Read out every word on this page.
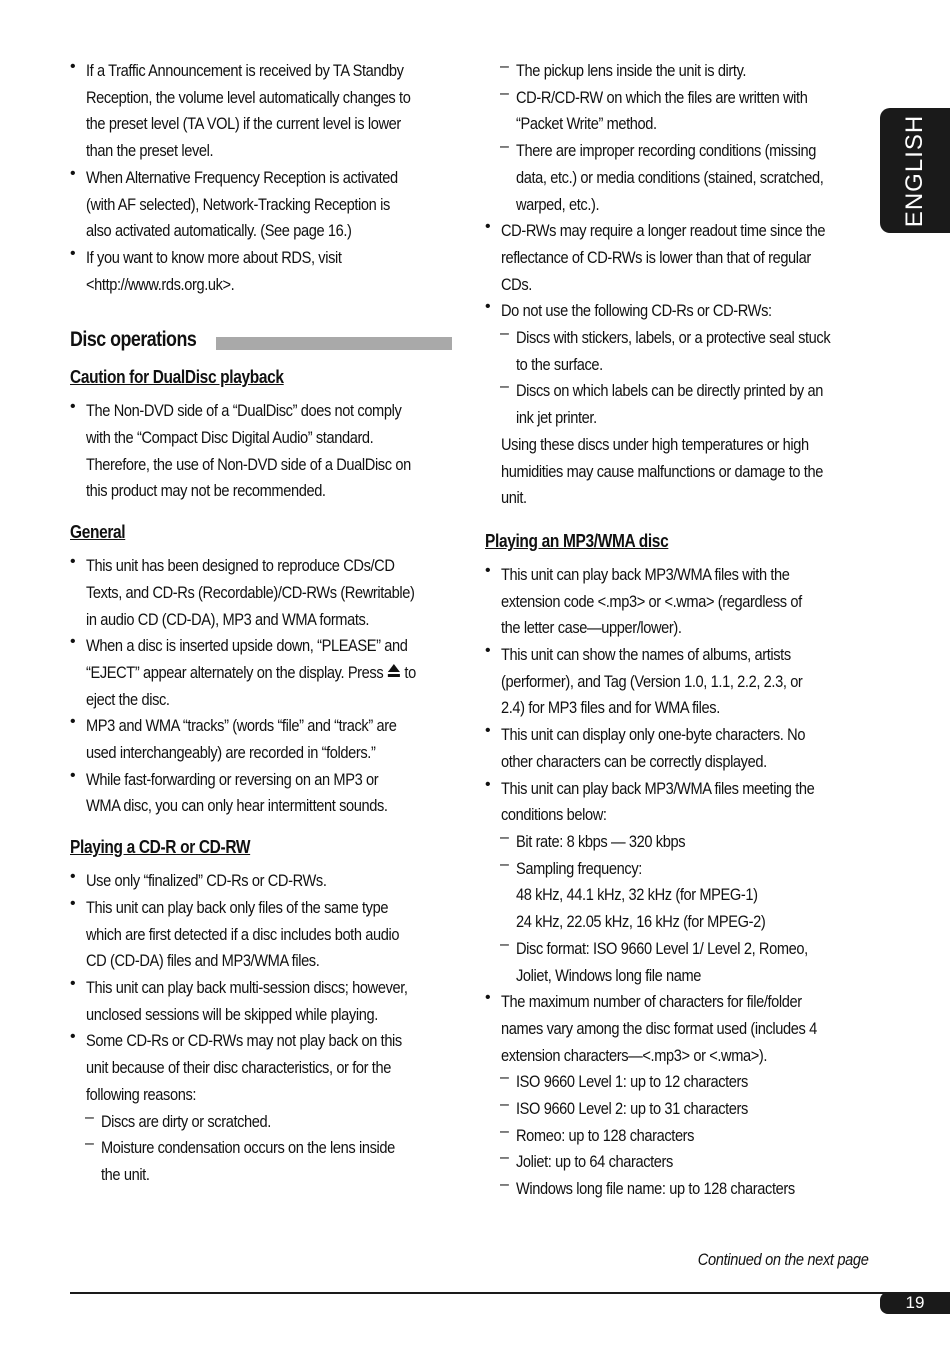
ENGLISH
• If a Traffic Announcement is received by TA Standby
Reception, the volume level automatically changes to
the preset level (TA VOL) if the current level is lower
than the preset level.
• When Alternative Frequency Reception is activated
(with AF selected), Network-Tracking Reception is
also activated automatically. (See page 16.)
• If you want to know more about RDS, visit
<http://www.rds.org.uk>.
Disc operations
Caution for DualDisc playback
• The Non-DVD side of a “DualDisc” does not comply
with the “Compact Disc Digital Audio” standard.
Therefore, the use of Non-DVD side of a DualDisc on
this product may not be recommended.
General
• This unit has been designed to reproduce CDs/CD
Texts, and CD-Rs (Recordable)/CD-RWs (Rewritable)
in audio CD (CD-DA), MP3 and WMA formats.
• When a disc is inserted upside down, “PLEASE” and
“EJECT” appear alternately on the display. Press to
eject the disc.
• MP3 and WMA “tracks” (words “file” and “track” are
used interchangeably) are recorded in “folders.”
• While fast-forwarding or reversing on an MP3 or
WMA disc, you can only hear intermittent sounds.
Playing a CD-R or CD-RW
• Use only “finalized” CD-Rs or CD-RWs.
• This unit can play back only files of the same type
which are first detected if a disc includes both audio
CD (CD-DA) files and MP3/WMA files.
• This unit can play back multi-session discs; however,
unclosed sessions will be skipped while playing.
• Some CD-Rs or CD-RWs may not play back on this
unit because of their disc characteristics, or for the
following reasons:
– Discs are dirty or scratched.
– Moisture condensation occurs on the lens inside
the unit.
– The pickup lens inside the unit is dirty.
– CD-R/CD-RW on which the files are written with
“Packet Write” method.
– There are improper recording conditions (missing
data, etc.) or media conditions (stained, scratched,
warped, etc.).
• CD-RWs may require a longer readout time since the
reflectance of CD-RWs is lower than that of regular
CDs.
• Do not use the following CD-Rs or CD-RWs:
– Discs with stickers, labels, or a protective seal stuck
to the surface.
– Discs on which labels can be directly printed by an
ink jet printer.
Using these discs under high temperatures or high
humidities may cause malfunctions or damage to the
unit.
Playing an MP3/WMA disc
• This unit can play back MP3/WMA files with the
extension code <.mp3> or <.wma> (regardless of
the letter case—upper/lower).
• This unit can show the names of albums, artists
(performer), and Tag (Version 1.0, 1.1, 2.2, 2.3, or
2.4) for MP3 files and for WMA files.
• This unit can display only one-byte characters. No
other characters can be correctly displayed.
• This unit can play back MP3/WMA files meeting the
conditions below:
– Bit rate: 8 kbps — 320 kbps
– Sampling frequency:
48 kHz, 44.1 kHz, 32 kHz (for MPEG-1)
24 kHz, 22.05 kHz, 16 kHz (for MPEG-2)
– Disc format: ISO 9660 Level 1/ Level 2, Romeo,
Joliet, Windows long file name
• The maximum number of characters for file/folder
names vary among the disc format used (includes 4
extension characters—<.mp3> or <.wma>).
– ISO 9660 Level 1: up to 12 characters
– ISO 9660 Level 2: up to 31 characters
– Romeo: up to 128 characters
– Joliet: up to 64 characters
– Windows long file name: up to 128 characters
Continued on the next page
19
